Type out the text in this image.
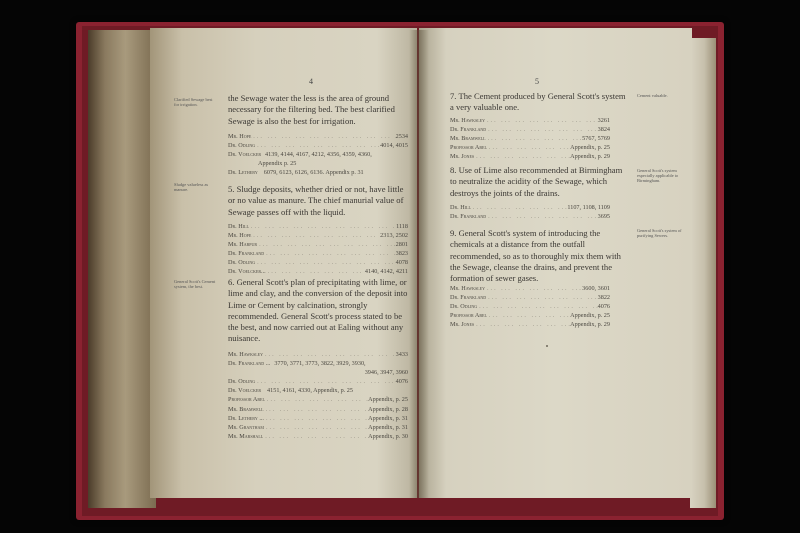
4
Clarified Sewage best for irrigation.
Sludge valueless as manure.
General Scott's Cement system, the best.

the Sewage water the less is the area of ground necessary for the filtering bed. The best clarified Sewage is also the best for irrigation.

Mr. Hope ... .	2534
Dr. Odling ... .	4014, 4015
Dr. Voelcker 4139, 4144, 4167, 4212, 4356, 4359, 4360,
Appendix p. 25
Dr. Letheby 6079, 6123, 6126, 6136. Appendix p. 31

5. Sludge deposits, whether dried or not, have little or no value as manure. The chief manurial value of Sewage passes off with the liquid.

Dr. Hill ... .	1118
Mr. Hope ... .	2313, 2502
Mr. Harpur ... .	2801
Dr. Frankland ... .	3823
Dr. Odling ... .	4078
Dr. Voelcker... ... .	4140, 4142, 4211

6. General Scott's plan of precipitating with lime, or lime and clay, and the conversion of the deposit into Lime or Cement by calcination, strongly recommended. General Scott's process stated to be the best, and now carried out at Ealing without any nuisance.

Mr. Hawksley ... .	3433
Dr. Frankland ... 3770, 3771, 3773, 3822, 3929, 3930,
3946, 3947, 3960
Dr. Odling ... .	4076
Dr. Voelcker 4151, 4161, 4330, Appendix, p. 25
Professor Abel ... .	Appendix, p. 25
Mr. Bramwell ... .	Appendix, p. 28
Dr. Letheby ... ... .	Appendix, p. 31
Mr. Grantham ... .	Appendix, p. 31
Mr. Marshall ... .	Appendix, p. 30
5
Cement valuable.
General Scott's system especially applicable to Birmingham.
General Scott's system of purifying Sewers.

7. The Cement produced by General Scott's system a very valuable one.

Mr. Hawksley ... .	3261
Dr. Frankland ... .	3824
Mr. Bramwell ... .	5767, 5769
Professor Abel ... .	Appendix, p. 25
Mr. Jones ... .	Appendix, p. 29

8. Use of Lime also recommended at Birmingham to neutralize the acidity of the Sewage, which destroys the joints of the drains.

Dr. Hill ... .	1107, 1108, 1109
Dr. Frankland ... .	3695

9. General Scott's system of introducing the chemicals at a distance from the outfall recommended, so as to thoroughly mix them with the Sewage, cleanse the drains, and prevent the formation of sewer gases.

Mr. Hawksley ... .	3600, 3601
Dr. Frankland ... .	3822
Dr. Odling ... .	4076
Professor Abel ... .	Appendix, p. 25
Mr. Jones ... .	Appendix, p. 29
